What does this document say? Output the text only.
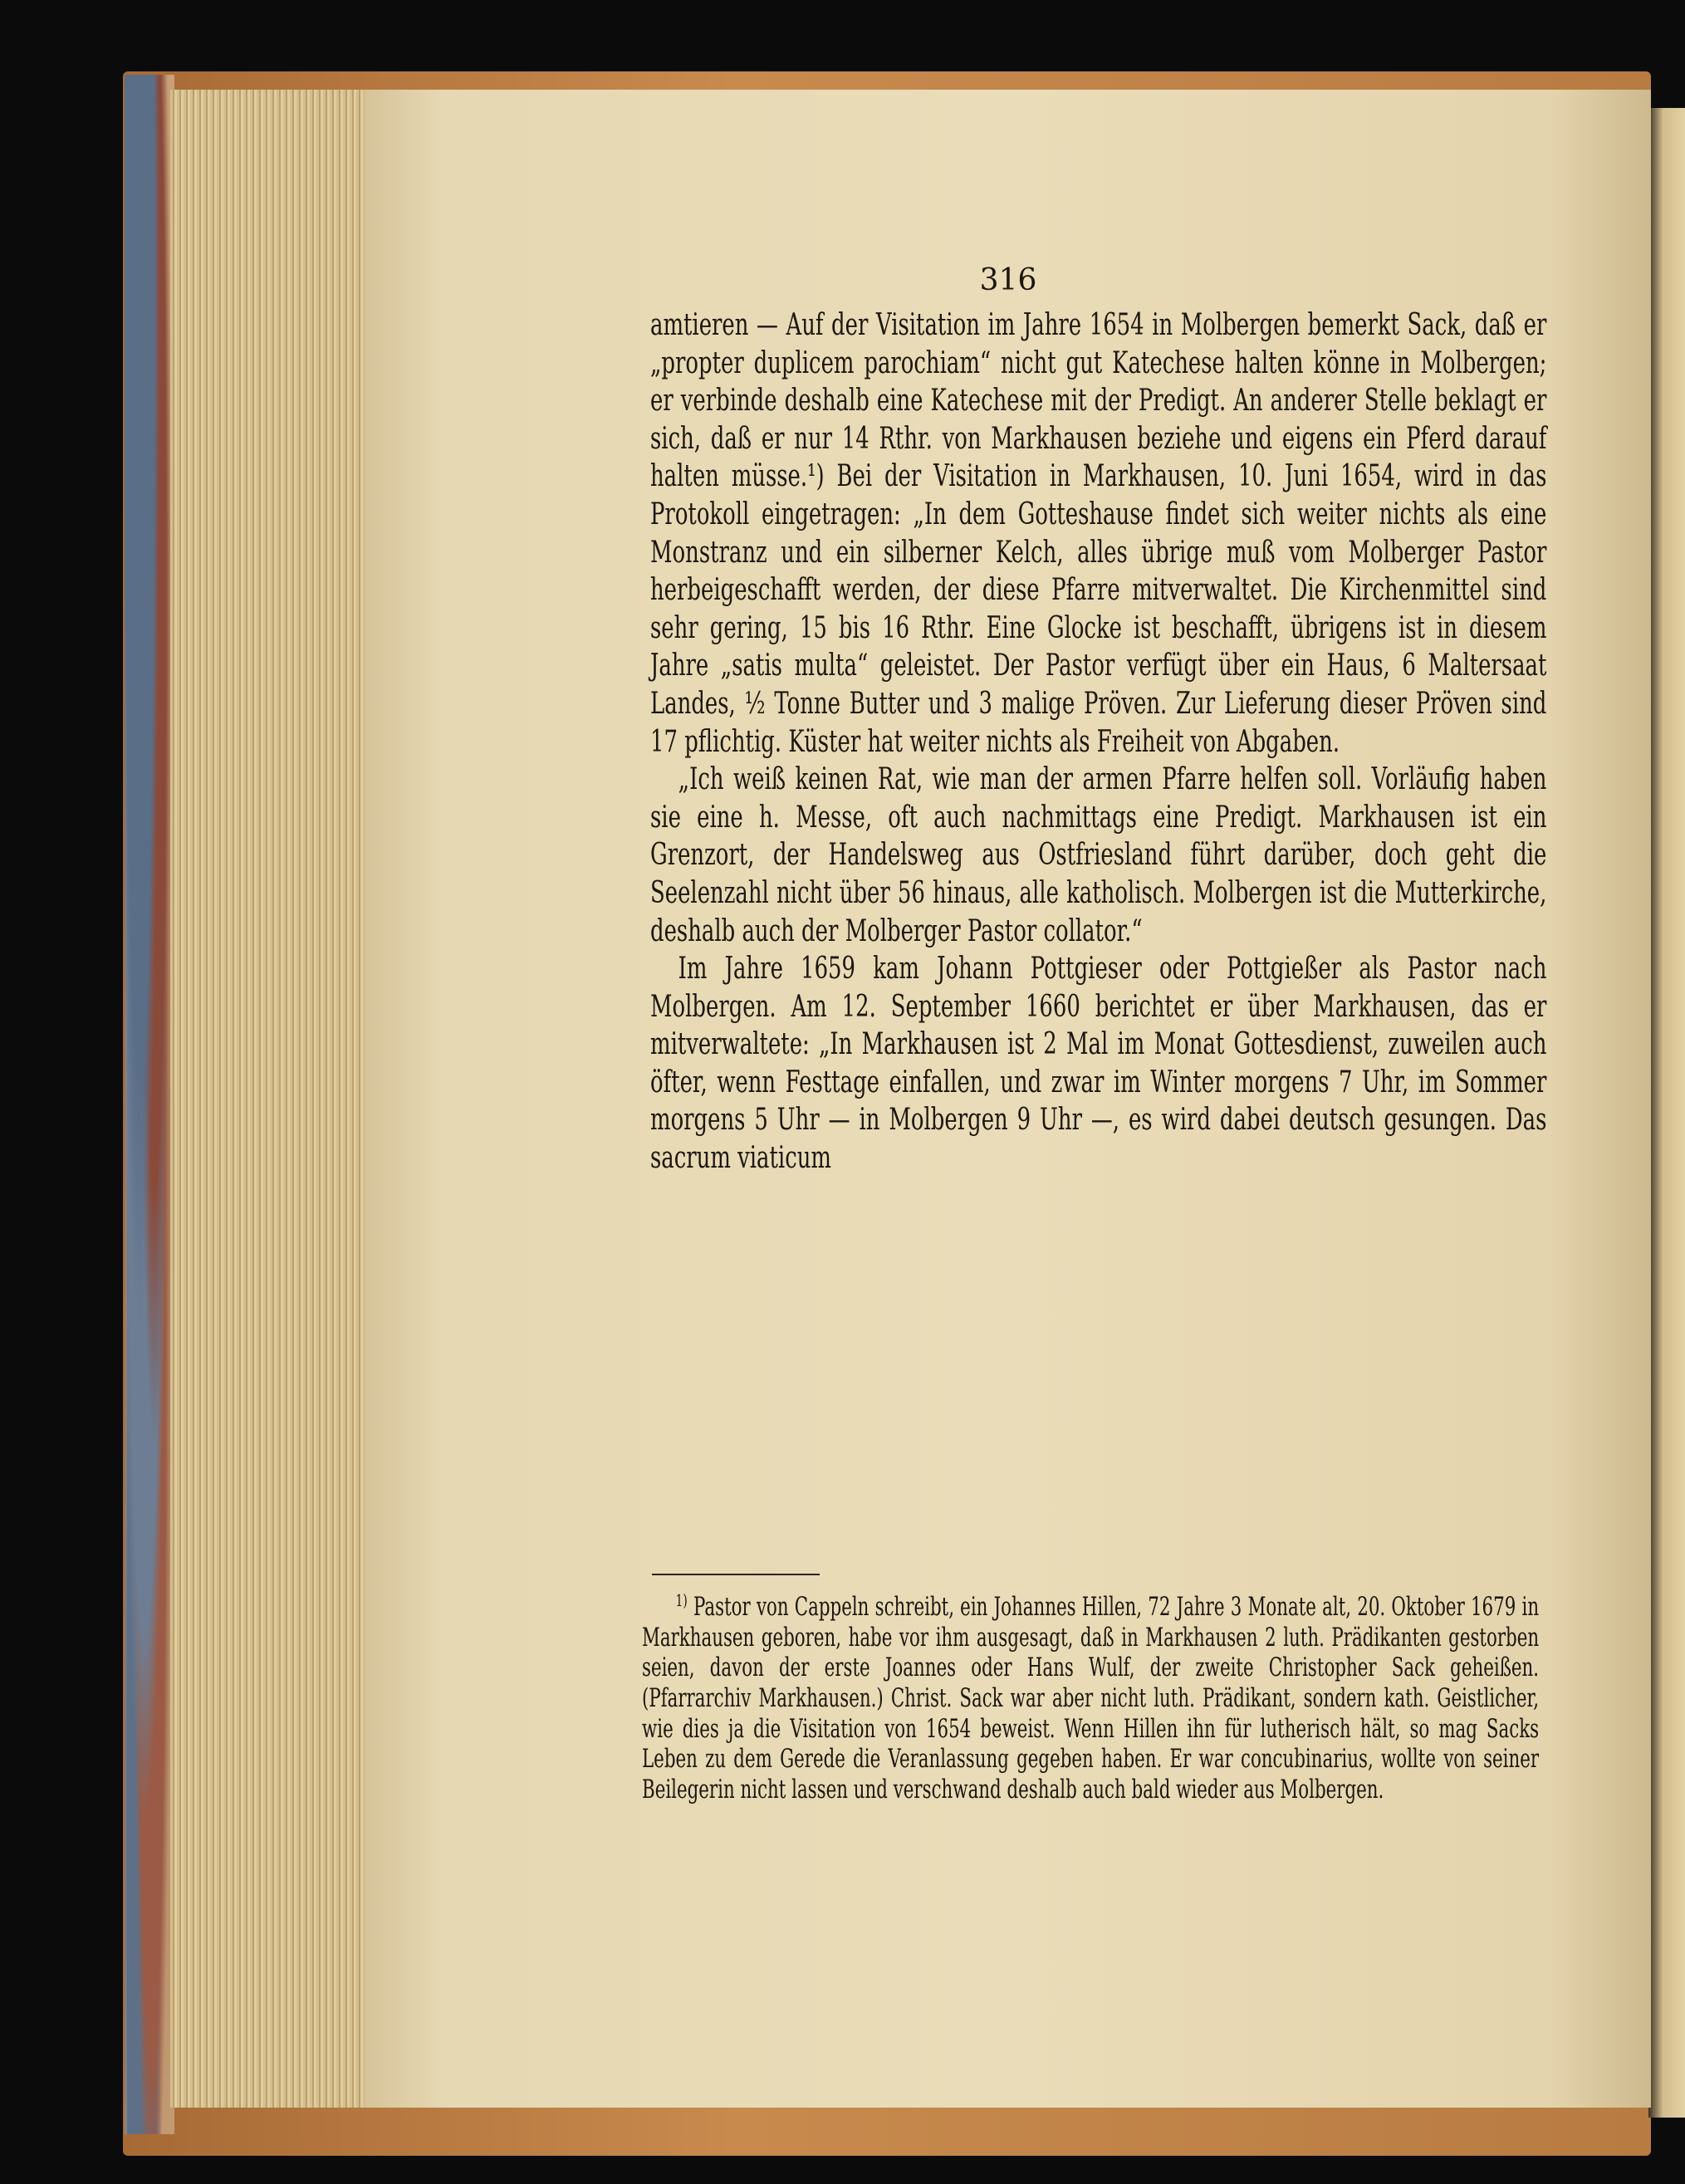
316

amtieren — Auf der Visitation im Jahre 1654 in Molbergen bemerkt Sack, daß er „propter duplicem parochiam“ nicht gut Katechese halten könne in Molbergen; er verbinde deshalb eine Katechese mit der Predigt. An anderer Stelle beklagt er sich, daß er nur 14 Rthr. von Markhausen beziehe und eigens ein Pferd darauf halten müsse.¹) Bei der Visitation in Markhausen, 10. Juni 1654, wird in das Protokoll eingetragen: „In dem Gotteshause findet sich weiter nichts als eine Monstranz und ein silberner Kelch, alles übrige muß vom Molberger Pastor herbeigeschafft werden, der diese Pfarre mitverwaltet. Die Kirchenmittel sind sehr gering, 15 bis 16 Rthr. Eine Glocke ist beschafft, übrigens ist in diesem Jahre „satis multa“ geleistet. Der Pastor verfügt über ein Haus, 6 Maltersaat Landes, ½ Tonne Butter und 3 malige Pröven. Zur Lieferung dieser Pröven sind 17 pflichtig. Küster hat weiter nichts als Freiheit von Abgaben.

„Ich weiß keinen Rat, wie man der armen Pfarre helfen soll. Vorläufig haben sie eine h. Messe, oft auch nachmittags eine Predigt. Markhausen ist ein Grenzort, der Handelsweg aus Ostfriesland führt darüber, doch geht die Seelenzahl nicht über 56 hinaus, alle katholisch. Molbergen ist die Mutterkirche, deshalb auch der Molberger Pastor collator.“

Im Jahre 1659 kam Johann Pottgieser oder Pottgießer als Pastor nach Molbergen. Am 12. September 1660 berichtet er über Markhausen, das er mitverwaltete: „In Markhausen ist 2 Mal im Monat Gottesdienst, zuweilen auch öfter, wenn Festtage einfallen, und zwar im Winter morgens 7 Uhr, im Sommer morgens 5 Uhr — in Molbergen 9 Uhr —, es wird dabei deutsch gesungen. Das sacrum viaticum

$^{1)}$ Pastor von Cappeln schreibt, ein Johannes Hillen, 72 Jahre 3 Monate alt, 20. Oktober 1679 in Markhausen geboren, habe vor ihm ausgesagt, daß in Markhausen 2 luth. Prädikanten gestorben seien, davon der erste Joannes oder Hans Wulf, der zweite Christopher Sack geheißen. (Pfarrarchiv Markhausen.) Christ. Sack war aber nicht luth. Prädikant, sondern kath. Geistlicher, wie dies ja die Visitation von 1654 beweist. Wenn Hillen ihn für lutherisch hält, so mag Sacks Leben zu dem Gerede die Veranlassung gegeben haben. Er war concubinarius, wollte von seiner Beilegerin nicht lassen und verschwand deshalb auch bald wieder aus Molbergen.
